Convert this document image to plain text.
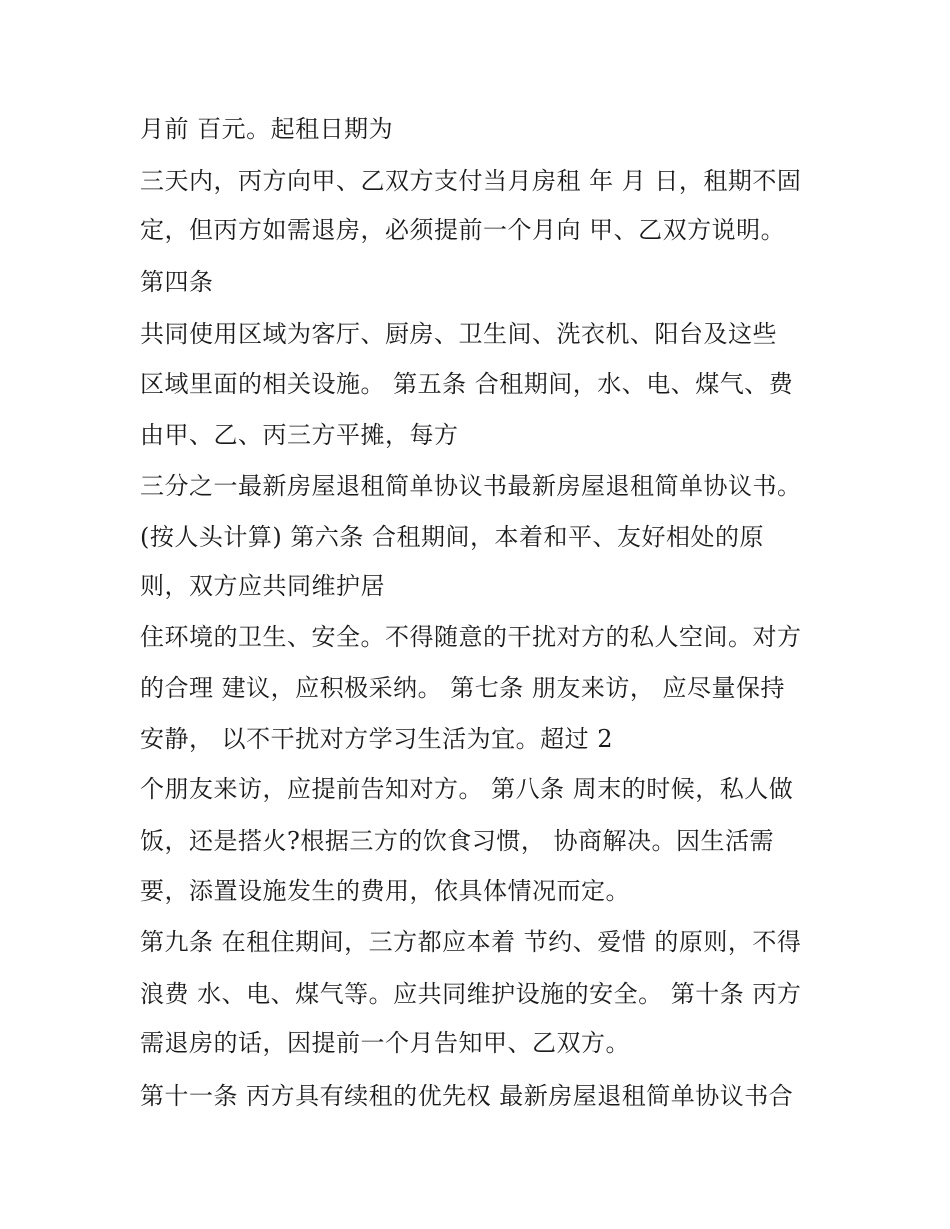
月前 百元。起租日期为

三天内，丙方向甲、乙双方支付当月房租 年 月 日，租期不固

定，但丙方如需退房，必须提前一个月向 甲、乙双方说明。

第四条

共同使用区域为客厅、厨房、卫生间、洗衣机、阳台及这些

区域里面的相关设施。 第五条 合租期间，水、电、煤气、费

由甲、乙、丙三方平摊，每方

三分之一最新房屋退租简单协议书最新房屋退租简单协议书。

(按人头计算) 第六条 合租期间，本着和平、友好相处的原

则，双方应共同维护居

住环境的卫生、安全。不得随意的干扰对方的私人空间。对方

的合理 建议，应积极采纳。 第七条 朋友来访， 应尽量保持

安静， 以不干扰对方学习生活为宜。超过 2

个朋友来访，应提前告知对方。 第八条 周末的时候，私人做

饭，还是搭火?根据三方的饮食习惯， 协商解决。因生活需

要，添置设施发生的费用，依具体情况而定。

第九条 在租住期间，三方都应本着 节约、爱惜 的原则，不得

浪费 水、电、煤气等。应共同维护设施的安全。 第十条 丙方

需退房的话，因提前一个月告知甲、乙双方。

第十一条 丙方具有续租的优先权 最新房屋退租简单协议书合
